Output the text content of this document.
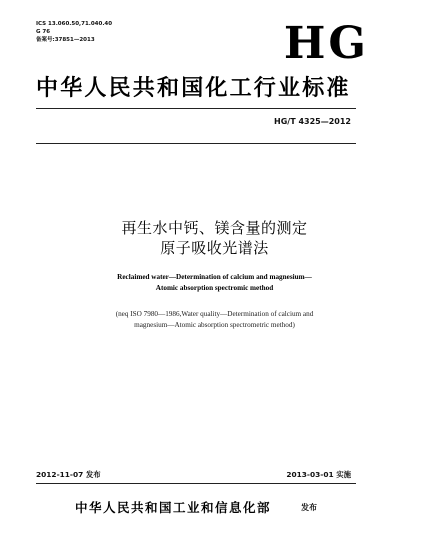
ICS 13.060.50,71.040.40
G 76
备案号:37851—2013	HG
中华人民共和国化工行业标准
HG/T 4325—2012
再生水中钙、镁含量的测定
原子吸收光谱法
Reclaimed water—Determination of calcium and magnesium—
Atomic absorption spectromic method
(neq ISO 7980—1986,Water quality—Determination of calcium and
magnesium—Atomic absorption spectrometric method)
2012-11-07 发布	2013-03-01 实施
中华人民共和国工业和信息化部	发布
